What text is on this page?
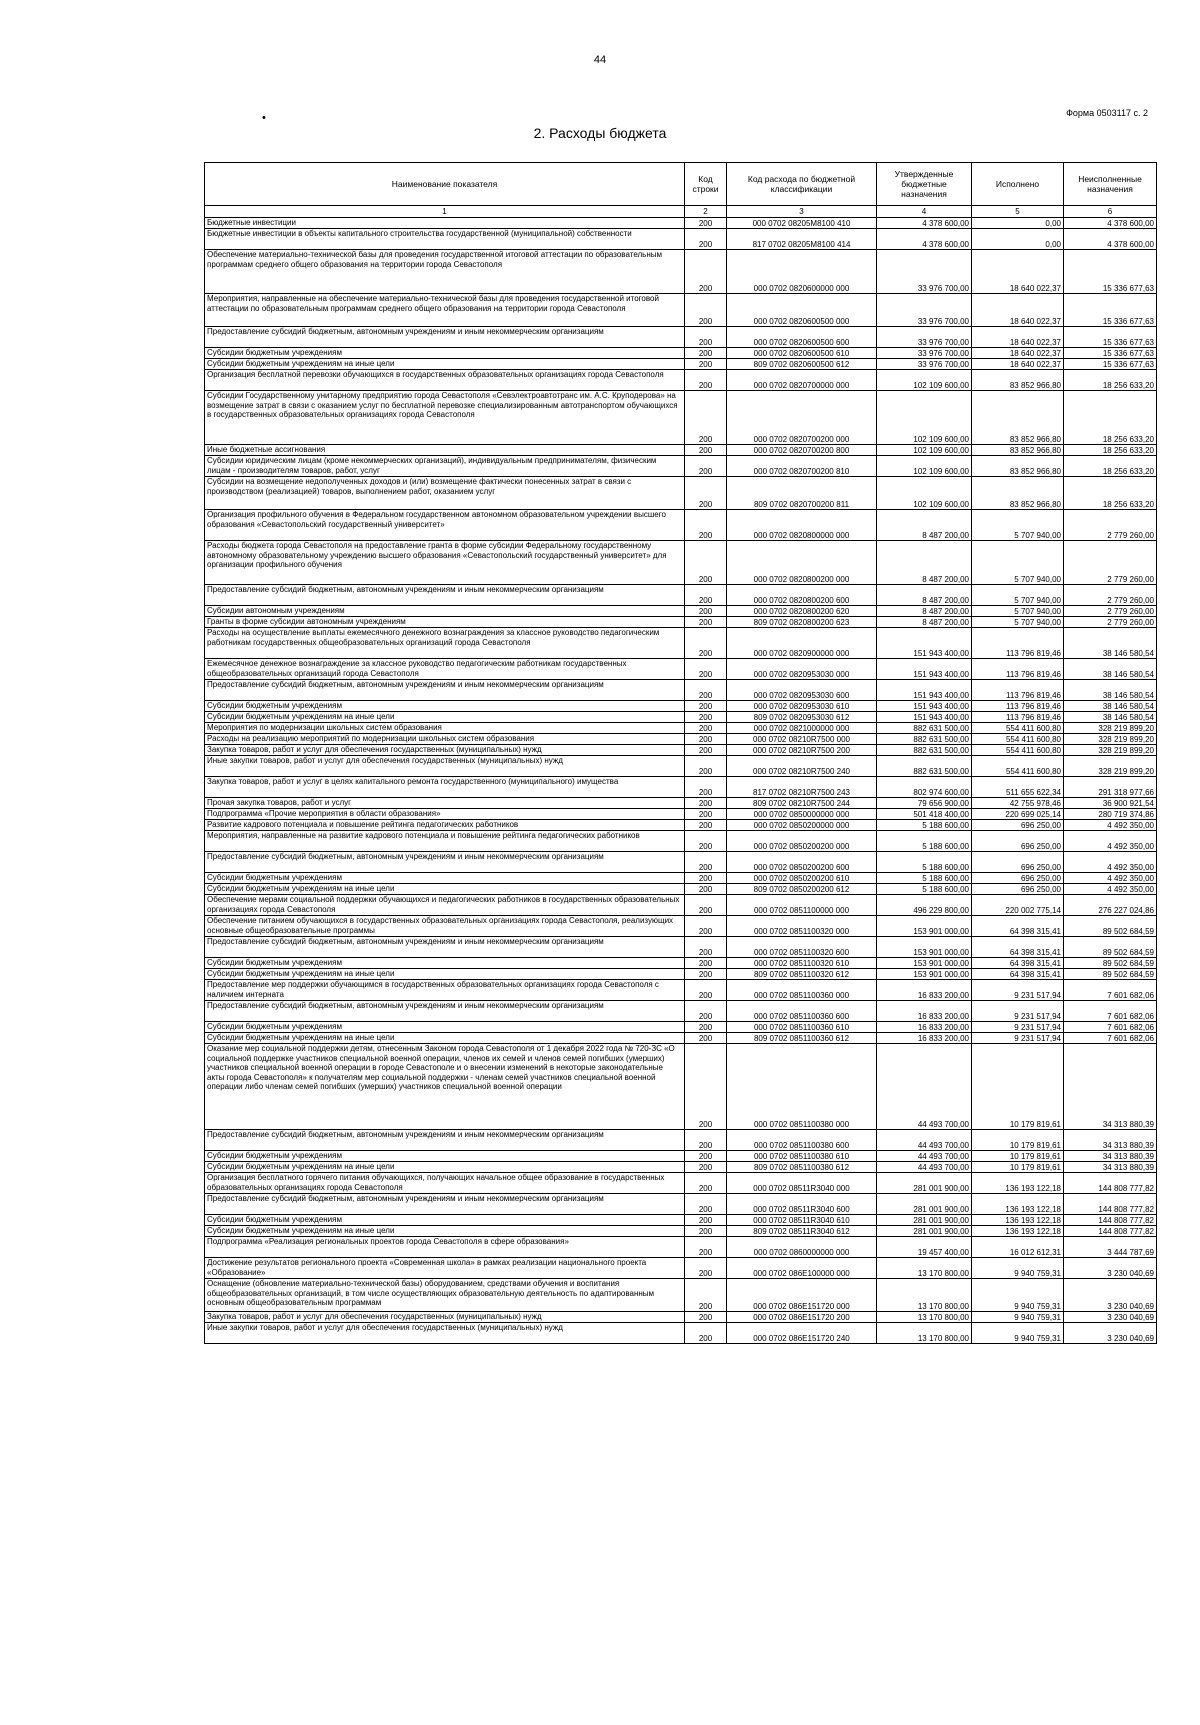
44
•	Форма 0503117 с. 2
2. Расходы бюджета
Наименование показателя	Код строки	Код расхода по бюджетной классификации	Утвержденные бюджетные назначения	Исполнено	Неисполненные назначения
1	2	3	4	5	6
Бюджетные инвестиции	200	000 0702 08205M8100 410	4 378 600,00	0,00	4 378 600,00
Бюджетные инвестиции в объекты капитального строительства государственной (муниципальной) собственности	200	817 0702 08205M8100 414	4 378 600,00	0,00	4 378 600,00
Обеспечение материально-технической базы для проведения государственной итоговой аттестации по образовательным программам среднего общего образования на территории города Севастополя	200	000 0702 0820600000 000	33 976 700,00	18 640 022,37	15 336 677,63
Мероприятия, направленные на обеспечение материально-технической базы для проведения государственной итоговой аттестации по образовательным программам среднего общего образования на территории города Севастополя	200	000 0702 0820600500 000	33 976 700,00	18 640 022,37	15 336 677,63
Предоставление субсидий бюджетным, автономным учреждениям и иным некоммерческим организациям	200	000 0702 0820600500 600	33 976 700,00	18 640 022,37	15 336 677,63
Субсидии бюджетным учреждениям	200	000 0702 0820600500 610	33 976 700,00	18 640 022,37	15 336 677,63
Субсидии бюджетным учреждениям на иные цели	200	809 0702 0820600500 612	33 976 700,00	18 640 022,37	15 336 677,63
Организация бесплатной перевозки обучающихся в государственных образовательных организациях города Севастополя	200	000 0702 0820700000 000	102 109 600,00	83 852 966,80	18 256 633,20
Субсидии Государственному унитарному предприятию города Севастополя «Севэлектроавтотранс им. А.С. Круподерова» на возмещение затрат в связи с оказанием услуг по бесплатной перевозке специализированным автотранспортом обучающихся в государственных образовательных организациях города Севастополя	200	000 0702 0820700200 000	102 109 600,00	83 852 966,80	18 256 633,20
Иные бюджетные ассигнования	200	000 0702 0820700200 800	102 109 600,00	83 852 966,80	18 256 633,20
Субсидии юридическим лицам (кроме некоммерческих организаций), индивидуальным предпринимателям, физическим лицам - производителям товаров, работ, услуг	200	000 0702 0820700200 810	102 109 600,00	83 852 966,80	18 256 633,20
Субсидии на возмещение недополученных доходов и (или) возмещение фактически понесенных затрат в связи с производством (реализацией) товаров, выполнением работ, оказанием услуг	200	809 0702 0820700200 811	102 109 600,00	83 852 966,80	18 256 633,20
Организация профильного обучения в Федеральном государственном автономном образовательном учреждении высшего образования «Севастопольский государственный университет»	200	000 0702 0820800000 000	8 487 200,00	5 707 940,00	2 779 260,00
Расходы бюджета города Севастополя на предоставление гранта в форме субсидии Федеральному государственному автономному образовательному учреждению высшего образования «Севастопольский государственный университет» для организации профильного обучения	200	000 0702 0820800200 000	8 487 200,00	5 707 940,00	2 779 260,00
Предоставление субсидий бюджетным, автономным учреждениям и иным некоммерческим организациям	200	000 0702 0820800200 600	8 487 200,00	5 707 940,00	2 779 260,00
Субсидии автономным учреждениям	200	000 0702 0820800200 620	8 487 200,00	5 707 940,00	2 779 260,00
Гранты в форме субсидии автономным учреждениям	200	809 0702 0820800200 623	8 487 200,00	5 707 940,00	2 779 260,00
Расходы на осуществление выплаты ежемесячного денежного вознаграждения за классное руководство педагогическим работникам государственных общеобразовательных организаций города Севастополя	200	000 0702 0820900000 000	151 943 400,00	113 796 819,46	38 146 580,54
Ежемесячное денежное вознаграждение за классное руководство педагогическим работникам государственных общеобразовательных организаций города Севастополя	200	000 0702 0820953030 000	151 943 400,00	113 796 819,46	38 146 580,54
Предоставление субсидий бюджетным, автономным учреждениям и иным некоммерческим организациям	200	000 0702 0820953030 600	151 943 400,00	113 796 819,46	38 146 580,54
Субсидии бюджетным учреждениям	200	000 0702 0820953030 610	151 943 400,00	113 796 819,46	38 146 580,54
Субсидии бюджетным учреждениям на иные цели	200	809 0702 0820953030 612	151 943 400,00	113 796 819,46	38 146 580,54
Мероприятия по модернизации школьных систем образования	200	000 0702 0821000000 000	882 631 500,00	554 411 600,80	328 219 899,20
Расходы на реализацию мероприятий по модернизации школьных систем образования	200	000 0702 08210R7500 000	882 631 500,00	554 411 600,80	328 219 899,20
Закупка товаров, работ и услуг для обеспечения государственных (муниципальных) нужд	200	000 0702 08210R7500 200	882 631 500,00	554 411 600,80	328 219 899,20
Иные закупки товаров, работ и услуг для обеспечения государственных (муниципальных) нужд	200	000 0702 08210R7500 240	882 631 500,00	554 411 600,80	328 219 899,20
Закупка товаров, работ и услуг в целях капитального ремонта государственного (муниципального) имущества	200	817 0702 08210R7500 243	802 974 600,00	511 655 622,34	291 318 977,66
Прочая закупка товаров, работ и услуг	200	809 0702 08210R7500 244	79 656 900,00	42 755 978,46	36 900 921,54
Подпрограмма «Прочие мероприятия в области образования»	200	000 0702 0850000000 000	501 418 400,00	220 699 025,14	280 719 374,86
Развитие кадрового потенциала и повышение рейтинга педагогических работников	200	000 0702 0850200000 000	5 188 600,00	696 250,00	4 492 350,00
Мероприятия, направленные на развитие кадрового потенциала и повышение рейтинга педагогических работников	200	000 0702 0850200200 000	5 188 600,00	696 250,00	4 492 350,00
Предоставление субсидий бюджетным, автономным учреждениям и иным некоммерческим организациям	200	000 0702 0850200200 600	5 188 600,00	696 250,00	4 492 350,00
Субсидии бюджетным учреждениям	200	000 0702 0850200200 610	5 188 600,00	696 250,00	4 492 350,00
Субсидии бюджетным учреждениям на иные цели	200	809 0702 0850200200 612	5 188 600,00	696 250,00	4 492 350,00
Обеспечение мерами социальной поддержки обучающихся и педагогических работников в государственных образовательных организациях города Севастополя	200	000 0702 0851100000 000	496 229 800,00	220 002 775,14	276 227 024,86
Обеспечение питанием обучающихся в государственных образовательных организациях города Севастополя, реализующих основные общеобразовательные программы	200	000 0702 0851100320 000	153 901 000,00	64 398 315,41	89 502 684,59
Предоставление субсидий бюджетным, автономным учреждениям и иным некоммерческим организациям	200	000 0702 0851100320 600	153 901 000,00	64 398 315,41	89 502 684,59
Субсидии бюджетным учреждениям	200	000 0702 0851100320 610	153 901 000,00	64 398 315,41	89 502 684,59
Субсидии бюджетным учреждениям на иные цели	200	809 0702 0851100320 612	153 901 000,00	64 398 315,41	89 502 684,59
Предоставление мер поддержки обучающимся в государственных образовательных организациях города Севастополя с наличием интерната	200	000 0702 0851100360 000	16 833 200,00	9 231 517,94	7 601 682,06
Предоставление субсидий бюджетным, автономным учреждениям и иным некоммерческим организациям	200	000 0702 0851100360 600	16 833 200,00	9 231 517,94	7 601 682,06
Субсидии бюджетным учреждениям	200	000 0702 0851100360 610	16 833 200,00	9 231 517,94	7 601 682,06
Субсидии бюджетным учреждениям на иные цели	200	809 0702 0851100360 612	16 833 200,00	9 231 517,94	7 601 682,06
Оказание мер социальной поддержки детям, отнесенным Законом города Севастополя от 1 декабря 2022 года № 720-ЗС «О социальной поддержке участников специальной военной операции, членов их семей и членов семей погибших (умерших) участников специальной военной операции в городе Севастополе и о внесении изменений в некоторые законодательные акты города Севастополя» к получателям мер социальной поддержки - членам семей участников специальной военной операции либо членам семей погибших (умерших) участников специальной военной операции	200	000 0702 0851100380 000	44 493 700,00	10 179 819,61	34 313 880,39
Предоставление субсидий бюджетным, автономным учреждениям и иным некоммерческим организациям	200	000 0702 0851100380 600	44 493 700,00	10 179 819,61	34 313 880,39
Субсидии бюджетным учреждениям	200	000 0702 0851100380 610	44 493 700,00	10 179 819,61	34 313 880,39
Субсидии бюджетным учреждениям на иные цели	200	809 0702 0851100380 612	44 493 700,00	10 179 819,61	34 313 880,39
Организация бесплатного горячего питания обучающихся, получающих начальное общее образование в государственных образовательных организациях города Севастополя	200	000 0702 08511R3040 000	281 001 900,00	136 193 122,18	144 808 777,82
Предоставление субсидий бюджетным, автономным учреждениям и иным некоммерческим организациям	200	000 0702 08511R3040 600	281 001 900,00	136 193 122,18	144 808 777,82
Субсидии бюджетным учреждениям	200	000 0702 08511R3040 610	281 001 900,00	136 193 122,18	144 808 777,82
Субсидии бюджетным учреждениям на иные цели	200	809 0702 08511R3040 612	281 001 900,00	136 193 122,18	144 808 777,82
Подпрограмма «Реализация региональных проектов города Севастополя в сфере образования»	200	000 0702 0860000000 000	19 457 400,00	16 012 612,31	3 444 787,69
Достижение результатов регионального проекта «Современная школа» в рамках реализации национального проекта «Образование»	200	000 0702 086E100000 000	13 170 800,00	9 940 759,31	3 230 040,69
Оснащение (обновление материально-технической базы) оборудованием, средствами обучения и воспитания общеобразовательных организаций, в том числе осуществляющих образовательную деятельность по адаптированным основным общеобразовательным программам	200	000 0702 086E151720 000	13 170 800,00	9 940 759,31	3 230 040,69
Закупка товаров, работ и услуг для обеспечения государственных (муниципальных) нужд	200	000 0702 086E151720 200	13 170 800,00	9 940 759,31	3 230 040,69
Иные закупки товаров, работ и услуг для обеспечения государственных (муниципальных) нужд	200	000 0702 086E151720 240	13 170 800,00	9 940 759,31	3 230 040,69
